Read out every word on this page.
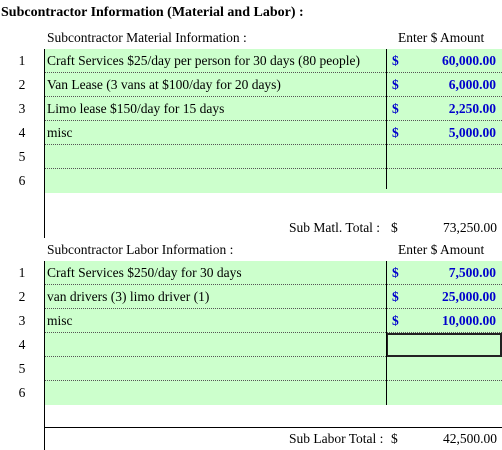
Subcontractor Information (Material and Labor) :
Subcontractor Material Information :	Enter $ Amount
1	Craft Services $25/day per person for 30 days (80 people)	$	60,000.00
2	Van Lease (3 vans at $100/day for 20 days)	$	6,000.00
3	Limo lease $150/day for 15 days	$	2,250.00
4	misc	$	5,000.00
5
6
Sub Matl. Total : $	73,250.00
Subcontractor Labor Information :	Enter $ Amount
1	Craft Services $250/day for 30 days	$	7,500.00
2	van drivers (3) limo driver (1)	$	25,000.00
3	misc	$	10,000.00
4
5
6
Sub Labor Total : $	42,500.00
